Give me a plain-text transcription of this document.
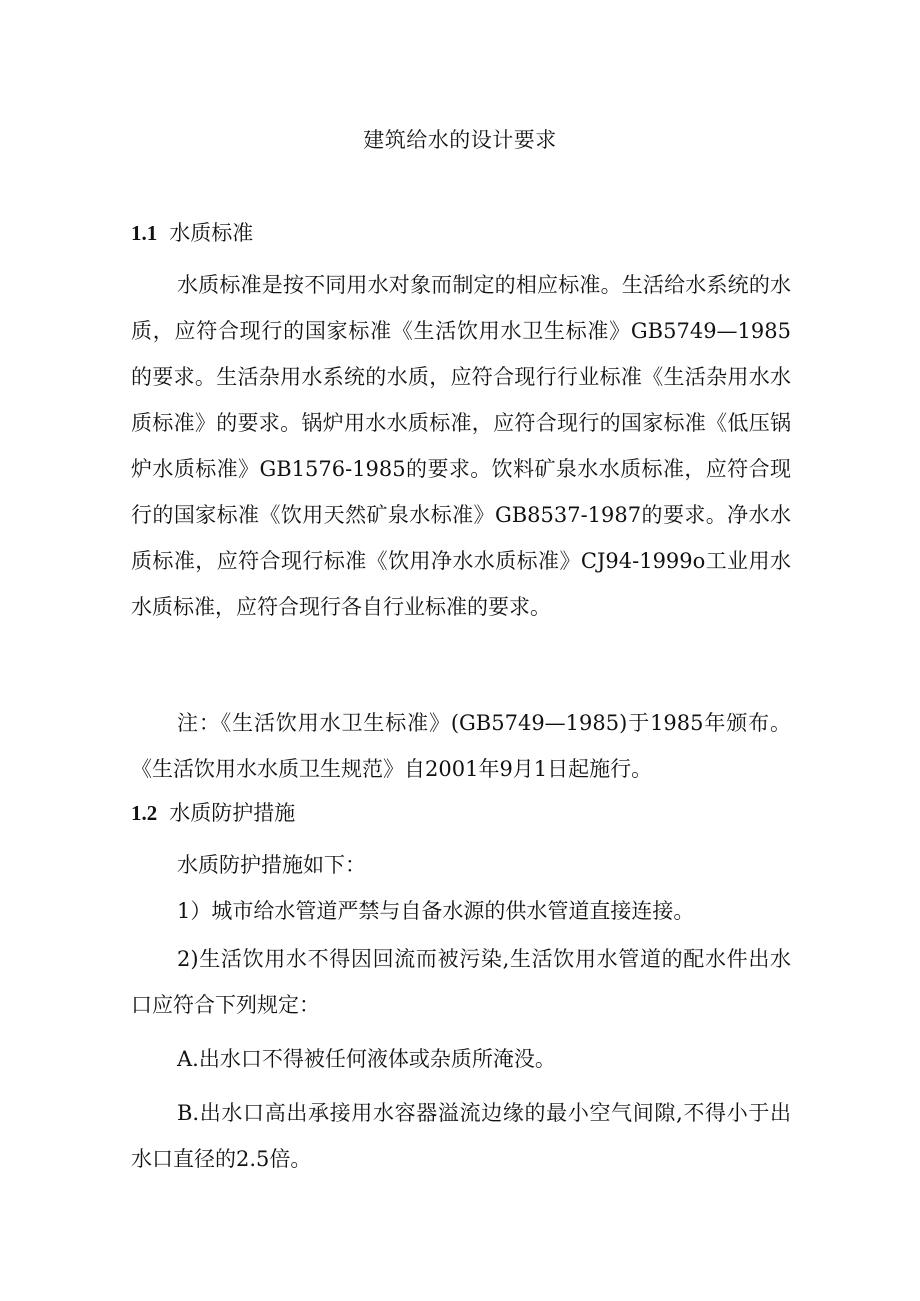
建筑给水的设计要求
1.1 水质标准
水质标准是按不同用水对象而制定的相应标准。生活给水系统的水质，应符合现行的国家标准《生活饮用水卫生标准》GB5749—1985的要求。生活杂用水系统的水质，应符合现行行业标准《生活杂用水水质标准》的要求。锅炉用水水质标准，应符合现行的国家标准《低压锅炉水质标准》GB1576-1985的要求。饮料矿泉水水质标准，应符合现行的国家标准《饮用天然矿泉水标准》GB8537-1987的要求。净水水质标准，应符合现行标准《饮用净水水质标准》CJ94-1999o工业用水水质标准，应符合现行各自行业标准的要求。
注：《生活饮用水卫生标准》(GB5749—1985)于1985年颁布。《生活饮用水水质卫生规范》自2001年9月1日起施行。
1.2 水质防护措施
水质防护措施如下：
1）城市给水管道严禁与自备水源的供水管道直接连接。
2)生活饮用水不得因回流而被污染,生活饮用水管道的配水件出水口应符合下列规定：
A.出水口不得被任何液体或杂质所淹没。
B.出水口高出承接用水容器溢流边缘的最小空气间隙,不得小于出水口直径的2.5倍。
